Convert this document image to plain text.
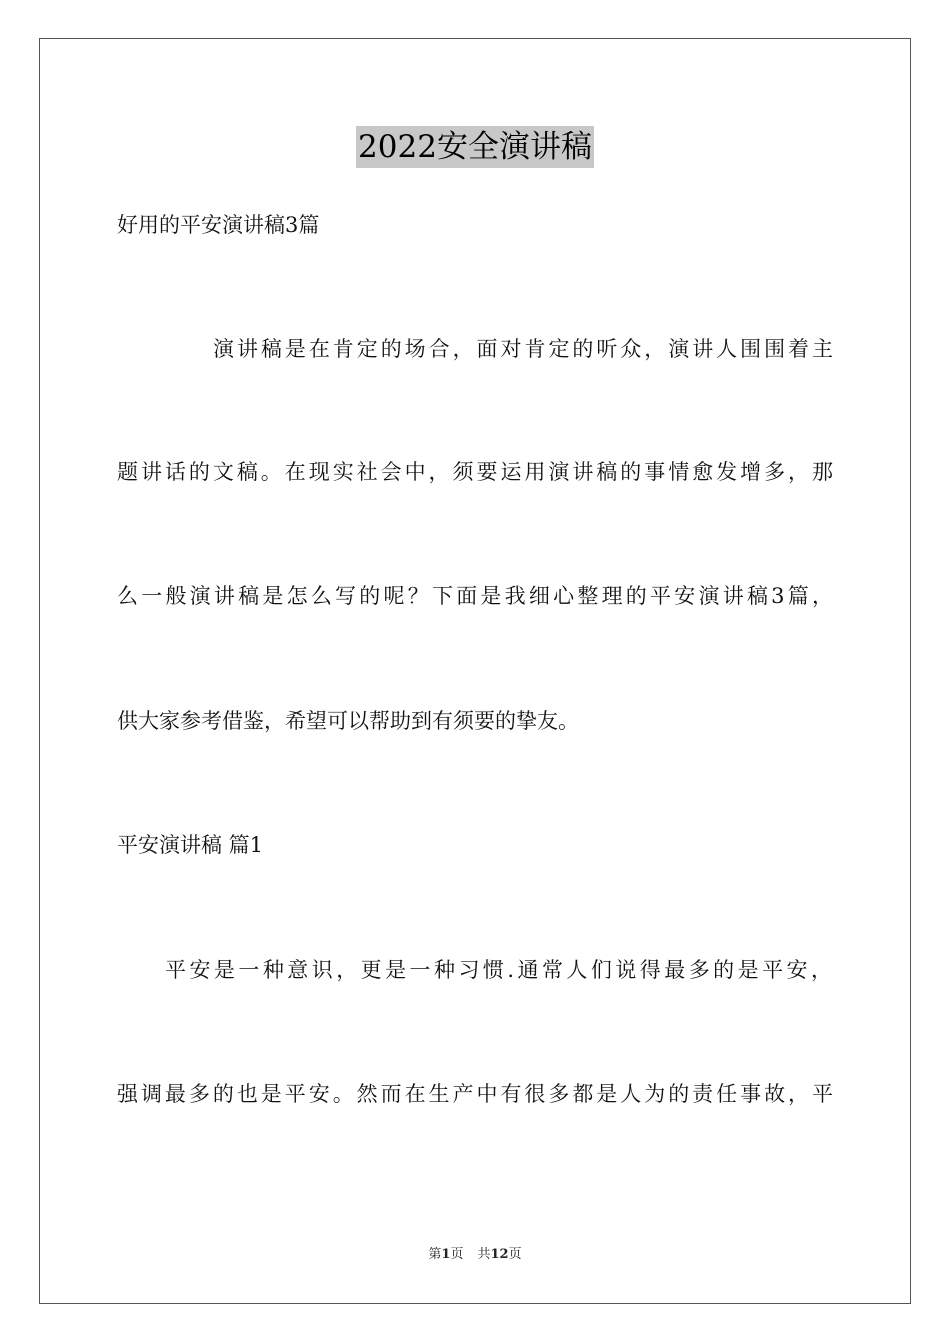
2022安全演讲稿
好用的平安演讲稿3篇
演讲稿是在肯定的场合，面对肯定的听众，演讲人围围着主
题讲话的文稿。在现实社会中，须要运用演讲稿的事情愈发增多，那
么一般演讲稿是怎么写的呢？下面是我细心整理的平安演讲稿3篇，
供大家参考借鉴，希望可以帮助到有须要的挚友。
平安演讲稿 篇1
平安是一种意识，更是一种习惯.通常人们说得最多的是平安，
强调最多的也是平安。然而在生产中有很多都是人为的责任事故，平
第1页 共12页
